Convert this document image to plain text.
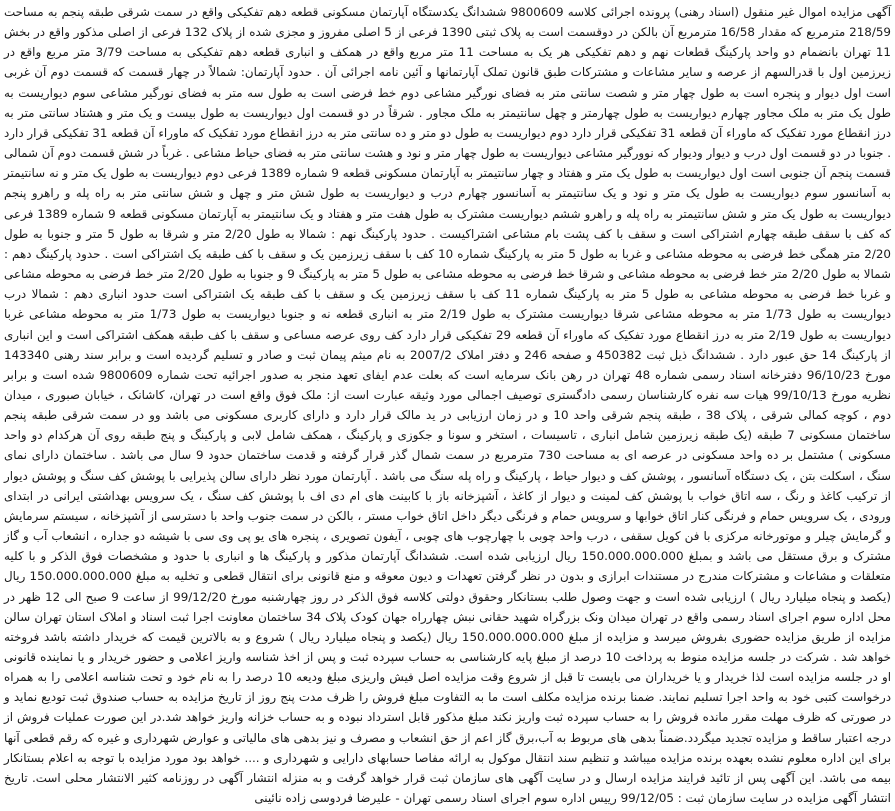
آگهی مزایده اموال غیر منقول (اسناد رهنی) پرونده اجرائی کلاسه 9800609 ششدانگ یکدستگاه آپارتمان مسکونی قطعه دهم تفکیکی واقع در سمت شرقی طبقه پنجم به مساحت 218/59 مترمربع که مقدار 16/58 مترمربع آن بالکن در دوقسمت است به پلاک ثبتی 1390 فرعی از 5 اصلی مفروز و مجزی شده از پلاک 132 فرعی از اصلی مذکور واقع در بخش 11 تهران بانضمام دو واحد پارکینگ قطعات نهم و دهم تفکیکی هر یک به مساحت 11 متر مربع واقع در همکف و انباری قطعه دهم تفکیکی به مساحت 3/79 متر مربع واقع در زیرزمین اول با قدرالسهم از عرصه و سایر مشاعات و مشترکات طبق قانون تملک آپارتمانها و آئین نامه اجرائی آن . حدود آپارتمان: شمالاً در چهار قسمت که قسمت دوم آن غربی است اول دیوار و پنجره است به طول چهار متر و شصت سانتی متر به فضای نورگیر مشاعی دوم خط فرضی است به طول سه متر به فضای نورگیر مشاعی سوم دیواریست به طول یک متر به ملک مجاور چهارم دیواریست به طول چهارمتر و چهل سانتیمتر به ملک مجاور . شرقاً در دو قسمت اول دیواریست به طول بیست و یک متر و هشتاد سانتی متر به درز انقطاع مورد تفکیک که ماوراء آن قطعه 31 تفکیکی قرار دارد دوم دیواریست به طول دو متر و ده سانتی متر به درز انقطاع مورد تفکیک که ماوراء آن قطعه 31 تفکیکی قرار دارد . جنوبا در دو قسمت اول درب و دیوار ودیوار که نوورگیر مشاعی دیواریست به طول چهار متر و نود و هشت سانتی متر به فضای حیاط مشاعی . غرباً در شش قسمت دوم آن شمالی قسمت پنجم آن جنوبی است اول دیواریست به طول یک متر و هفتاد و چهار سانتیمتر به آپارتمان مسکونی قطعه 9 شماره 1389 فرعی دوم دیواریست به طول یک متر و نه سانتیمتر به آسانسور سوم دیواریست به طول یک متر و نود و یک سانتیمتر به آسانسور چهارم درب و دیواریست به طول شش متر و چهل و شش سانتی متر به راه پله و راهرو پنجم دیواریست به طول یک متر و شش سانتیمتر به راه پله و راهرو ششم دیواریست مشترک به طول هفت متر و هفتاد و یک سانتیمتر به آپارتمان مسکونی قطعه 9 شماره 1389 فرعی که کف با سقف طبقه چهارم اشتراکی است و سقف با کف پشت بام مشاعی اشتراکیست . حدود پارکینگ نهم : شمالا به طول 2/20 متر و شرقا به طول 5 متر و جنوبا به طول 2/20 متر همگی خط فرضی به محوطه مشاعی و غربا به طول 5 متر به پارکینگ شماره 10 کف با سقف زیرزمین یک و سقف با کف طبقه یک اشتراکی است . حدود پارکینگ دهم : شمالا به طول 2/20 متر خط فرضی به محوطه مشاعی و شرقا خط فرضی به محوطه مشاعی به طول 5 متر به پارکینگ 9 و جنوبا به طول 2/20 متر خط فرضی به محوطه مشاعی و غربا خط فرضی به محوطه مشاعی به طول 5 متر به پارکینگ شماره 11 کف با سقف زیرزمین یک و سقف با کف طبقه یک اشتراکی است حدود انباری دهم : شمالا درب دیواریست به طول 1/73 متر به محوطه مشاعی شرقا دیواریست مشترک به طول 2/19 متر به انباری قطعه نه و جنوبا دیواریست به طول 1/73 متر به محوطه مشاعی غربا دیواریست به طول 2/19 متر به درز انقطاع مورد تفکیک که ماوراء آن قطعه 29 تفکیکی قرار دارد کف روی عرصه مساعی و سقف با کف طبقه همکف اشتراکی است و این انباری از پارکینگ 14 حق عبور دارد . ششدانگ ذیل ثبت 450382 و صفحه 246 و دفتر املاک 2007/2 به نام میثم پیمان ثبت و صادر و تسلیم گردیده است و برابر سند رهنی 143340 مورخ 96/10/23 دفترخانه اسناد رسمی شماره 48 تهران در رهن بانک سرمایه است که بعلت عدم ایفای تعهد منجر به صدور اجرائیه تحت شماره 9800609 شده است و برابر نظریه مورخ 99/10/13 هیات سه نفره کارشناسان رسمی دادگستری توصیف اجمالی مورد وثیقه عبارت است از: ملک فوق واقع است در تهران، کاشانک ، خیابان صبوری ، میدان دوم ، کوچه کمالی شرقی ، پلاک 38 ، طبقه پنجم شرقی واحد 10 و در زمان ارزیابی در ید مالک قرار دارد و دارای کاربری مسکونی می باشد وو در سمت شرقی طبقه پنجم ساختمان مسکونی 7 طبقه (یک طبقه زیرزمین شامل انباری ، تاسیسات ، استخر و سونا و جکوزی و پارکینگ ، همکف شامل لابی و پارکینگ و پنج طبقه روی آن هرکدام دو واحد مسکونی ) مشتمل بر ده واحد مسکونی در عرصه ای به مساحت 730 مترمربع در سمت شمال گذر قرار گرفته و قدمت ساختمان حدود 9 سال می باشد . ساختمان دارای نمای سنگ ، اسکلت بتن ، یک دستگاه آسانسور ، پوشش کف و دیوار حیاط ، پارکینگ و راه پله سنگ می باشد . آپارتمان مورد نظر دارای سالن پذیرایی با پوشش کف سنگ و پوشش دیوار از ترکیب کاغذ و رنگ ، سه اتاق خواب با پوشش کف لمینت و دیوار از کاغذ ، آشپزخانه باز با کابینت های ام دی اف با پوشش کف سنگ ، یک سرویس بهداشتی ایرانی در ابتدای ورودی ، یک سرویس حمام و فرنگی کنار اتاق خوابها و سرویس حمام و فرنگی دیگر داخل اتاق خواب مستر ، بالکن در سمت جنوب واحد با دسترسی از آشپزخانه ، سیستم سرمایش و گرمایش چیلر و موتورخانه مرکزی با فن کویل سقفی ، درب واحد چوبی با چهارچوب های چوبی ، آیفون تصویری ، پنجره های یو پی وی سی با شیشه دو جداره ، انشعاب آب و گاز مشترک و برق مستقل می باشد و بمبلغ 150.000.000.000 ریال ارزیابی شده است. ششدانگ آپارتمان مذکور و پارکینگ ها و انباری با حدود و مشخصات فوق الذکر و با کلیه متعلقات و مشاعات و مشترکات مندرج در مستندات ابرازی و بدون در نظر گرفتن تعهدات و دیون معوقه و منع قانونی برای انتقال قطعی و تخلیه به مبلغ 150.000.000.000 ریال (یکصد و پنجاه میلیارد ریال ) ارزیابی شده است و جهت وصول طلب بستانکار وحقوق دولتی کلاسه فوق الذکر در روز چهارشنبه مورخ 99/12/20 از ساعت 9 صبح الی 12 ظهر در محل اداره سوم اجرای اسناد رسمی واقع در تهران میدان ونک بزرگراه شهید حقانی نبش چهارراه جهان کودک پلاک 34 ساختمان معاونت اجرا ثبت اسناد و املاک استان تهران سالن مزایده از طریق مزایده حضوری بفروش میرسد و مزایده از مبلغ 150.000.000.000 ریال (یکصد و پنجاه میلیارد ریال ) شروع و به بالاترین قیمت که خریدار داشته باشد فروخته خواهد شد . شرکت در جلسه مزایده منوط به پرداخت 10 درصد از مبلغ پایه کارشناسی به حساب سپرده ثبت و پس از اخذ شناسه واریز اعلامی و حضور خریدار و یا نماینده قانونی او در جلسه مزایده است لذا خریدار و یا خریداران می بایست تا قبل از شروع وقت مزایده اصل فیش واریزی مبلغ ودیعه 10 درصد را به نام خود و تحت شناسه اعلامی را به همراه درخواست کتبی خود به واحد اجرا تسلیم نمایند. ضمنا برنده مزایده مکلف است ما به التفاوت مبلغ فروش را ظرف مدت پنج روز از تاریخ مزایده به حساب صندوق ثبت تودیع نماید و در صورتی که ظرف مهلت مقرر مانده فروش را به حساب سپرده ثبت واریز نکند مبلغ مذکور قابل استرداد نبوده و به حساب خزانه واریز خواهد شد.در این صورت عملیات فروش از درجه اعتبار ساقط و مزایده تجدید میگردد.ضمناً بدهی های مربوط به آب،برق گاز اعم از حق انشعاب و مصرف و نیز بدهی های مالیاتی و عوارض شهرداری و غیره که رقم قطعی آنها برای این اداره معلوم نشده بعهده برنده مزایده میباشد و تنظیم سند انتقال موکول به ارائه مفاصا حسابهای دارایی و شهرداری و .... خواهد بود مورد مزایده با توجه به اعلام بستانکار بیمه می باشد. این آگهی پس از تائید فرایند مزایده ارسال و در سایت آگهی های سازمان ثبت قرار خواهد گرفت و به منزله انتشار آگهی در روزنامه کثیر الانتشار محلی است. تاریخ انتشار آگهی مزایده در سایت سازمان ثبت : 99/12/05 رییس اداره سوم اجرای اسناد رسمی تهران - علیرضا فردوسی زاده نائینی
